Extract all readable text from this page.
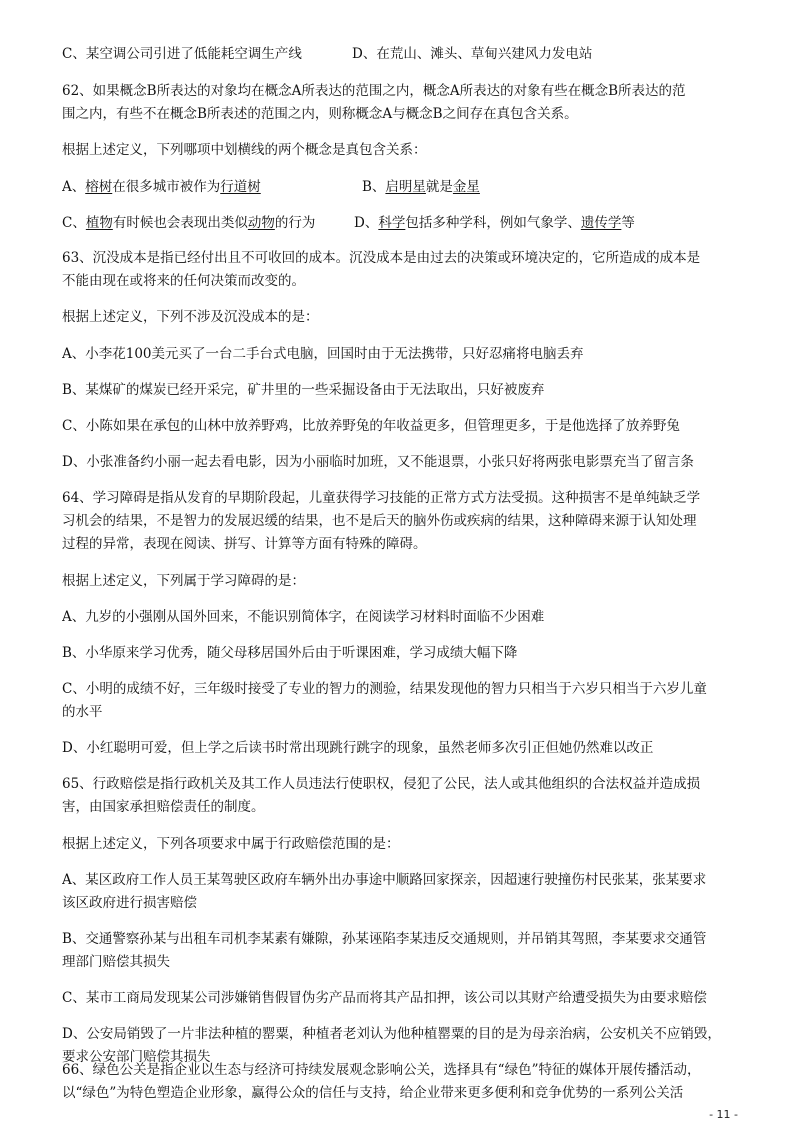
C、某空调公司引进了低能耗空调生产线	D、在荒山、滩头、草甸兴建风力发电站
62、如果概念B所表达的对象均在概念A所表达的范围之内，概念A所表达的对象有些在概念B所表达的范
围之内，有些不在概念B所表述的范围之内，则称概念A与概念B之间存在真包含关系。
根据上述定义，下列哪项中划横线的两个概念是真包含关系：
A、榕树在很多城市被作为行道树	B、启明星就是金星
C、植物有时候也会表现出类似动物的行为	D、科学包括多种学科，例如气象学、遗传学等
63、沉没成本是指已经付出且不可收回的成本。沉没成本是由过去的决策或环境决定的，它所造成的成本是
不能由现在或将来的任何决策而改变的。
根据上述定义，下列不涉及沉没成本的是：
A、小李花100美元买了一台二手台式电脑，回国时由于无法携带，只好忍痛将电脑丢弃
B、某煤矿的煤炭已经开采完，矿井里的一些采掘设备由于无法取出，只好被废弃
C、小陈如果在承包的山林中放养野鸡，比放养野兔的年收益更多，但管理更多，于是他选择了放养野兔
D、小张准备约小丽一起去看电影，因为小丽临时加班，又不能退票，小张只好将两张电影票充当了留言条
64、学习障碍是指从发育的早期阶段起，儿童获得学习技能的正常方式方法受损。这种损害不是单纯缺乏学
习机会的结果，不是智力的发展迟缓的结果，也不是后天的脑外伤或疾病的结果，这种障碍来源于认知处理
过程的异常，表现在阅读、拼写、计算等方面有特殊的障碍。
根据上述定义，下列属于学习障碍的是：
A、九岁的小强刚从国外回来，不能识别简体字，在阅读学习材料时面临不少困难
B、小华原来学习优秀，随父母移居国外后由于听课困难，学习成绩大幅下降
C、小明的成绩不好，三年级时接受了专业的智力的测验，结果发现他的智力只相当于六岁只相当于六岁儿童
的水平
D、小红聪明可爱，但上学之后读书时常出现跳行跳字的现象，虽然老师多次引正但她仍然难以改正
65、行政赔偿是指行政机关及其工作人员违法行使职权，侵犯了公民，法人或其他组织的合法权益并造成损
害，由国家承担赔偿责任的制度。
根据上述定义，下列各项要求中属于行政赔偿范围的是：
A、某区政府工作人员王某驾驶区政府车辆外出办事途中顺路回家探亲，因超速行驶撞伤村民张某，张某要求
该区政府进行损害赔偿
B、交通警察孙某与出租车司机李某素有嫌隙，孙某诬陷李某违反交通规则，并吊销其驾照，李某要求交通管
理部门赔偿其损失
C、某市工商局发现某公司涉嫌销售假冒伪劣产品而将其产品扣押，该公司以其财产给遭受损失为由要求赔偿
D、公安局销毁了一片非法种植的罂粟，种植者老刘认为他种植罂粟的目的是为母亲治病，公安机关不应销毁，
要求公安部门赔偿其损失
- 11 -
66、绿色公关是指企业以生态与经济可持续发展观念影响公关，选择具有“绿色”特征的媒体开展传播活动，
以“绿色”为特色塑造企业形象，赢得公众的信任与支持，给企业带来更多便利和竞争优势的一系列公关活
